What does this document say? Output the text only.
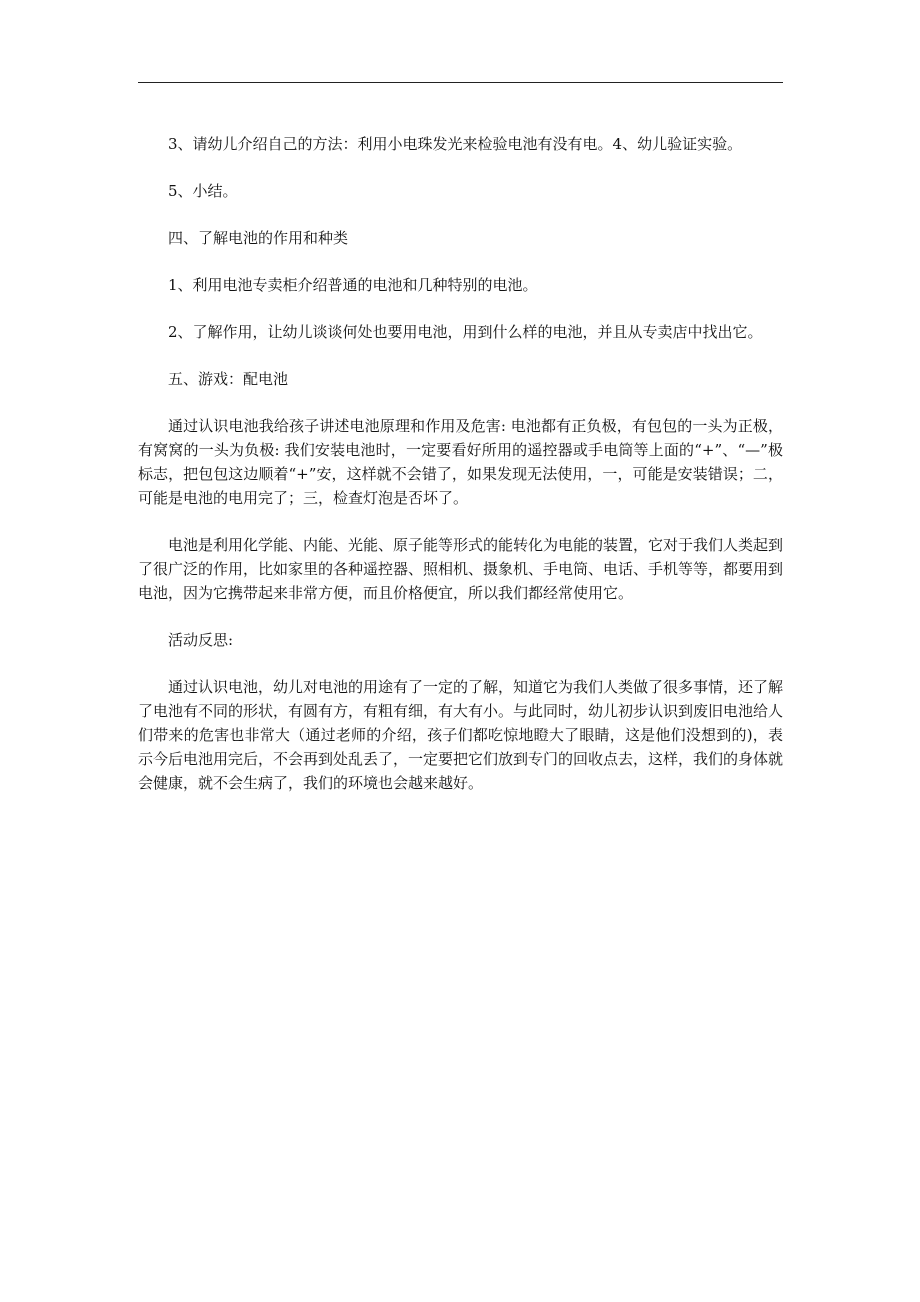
3、请幼儿介绍自己的方法：利用小电珠发光来检验电池有没有电。4、幼儿验证实验。

5、小结。

四、了解电池的作用和种类

1、利用电池专卖柜介绍普通的电池和几种特别的电池。

2、了解作用，让幼儿谈谈何处也要用电池，用到什么样的电池，并且从专卖店中找出它。

五、游戏：配电池

通过认识电池我给孩子讲述电池原理和作用及危害: 电池都有正负极，有包包的一头为正极，有窝窝的一头为负极: 我们安装电池时，一定要看好所用的遥控器或手电筒等上面的“+”、“—”极标志，把包包这边顺着“+”安，这样就不会错了，如果发现无法使用，一，可能是安装错误；二，可能是电池的电用完了；三，检查灯泡是否坏了。

电池是利用化学能、内能、光能、原子能等形式的能转化为电能的装置，它对于我们人类起到了很广泛的作用，比如家里的各种遥控器、照相机、摄象机、手电筒、电话、手机等等，都要用到电池，因为它携带起来非常方便，而且价格便宜，所以我们都经常使用它。

活动反思:

通过认识电池，幼儿对电池的用途有了一定的了解，知道它为我们人类做了很多事情，还了解了电池有不同的形状，有圆有方，有粗有细，有大有小。与此同时，幼儿初步认识到废旧电池给人们带来的危害也非常大（通过老师的介绍，孩子们都吃惊地瞪大了眼睛，这是他们没想到的)，表示今后电池用完后，不会再到处乱丢了，一定要把它们放到专门的回收点去，这样，我们的身体就会健康，就不会生病了，我们的环境也会越来越好。
